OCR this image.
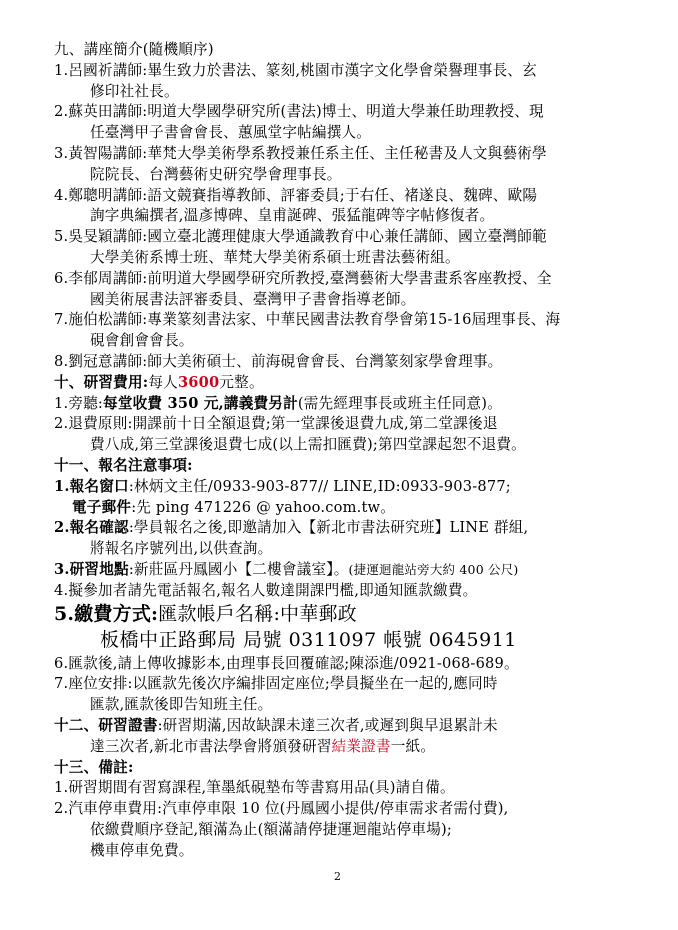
九、講座簡介(隨機順序)
1.呂國祈講師:畢生致力於書法、篆刻,桃園市漢字文化學會榮譽理事長、玄
修印社社長。
2.蘇英田講師:明道大學國學研究所(書法)博士、明道大學兼任助理教授、現
任臺灣甲子書會會長、蕙風堂字帖編撰人。
3.黃智陽講師:華梵大學美術學系教授兼任系主任、主任秘書及人文與藝術學
院院長、台灣藝術史研究學會理事長。
4.鄭聰明講師:語文競賽指導教師、評審委員;于右任、褚遂良、魏碑、歐陽
詢字典編撰者,溫彥博碑、皇甫誕碑、張猛龍碑等字帖修復者。
5.吳旻穎講師:國立臺北護理健康大學通識教育中心兼任講師、國立臺灣師範
大學美術系博士班、華梵大學美術系碩士班書法藝術組。
6.李郁周講師:前明道大學國學研究所教授,臺灣藝術大學書畫系客座教授、全
國美術展書法評審委員、臺灣甲子書會指導老師。
7.施伯松講師:專業篆刻書法家、中華民國書法教育學會第15-16屆理事長、海
硯會創會會長。
8.劉冠意講師:師大美術碩士、前海硯會會長、台灣篆刻家學會理事。
十、研習費用:每人3600元整。
1.旁聽:每堂收費 350 元,講義費另計(需先經理事長或班主任同意)。
2.退費原則:開課前十日全額退費;第一堂課後退費九成,第二堂課後退
費八成,第三堂課後退費七成(以上需扣匯費);第四堂課起恕不退費。
十一、報名注意事項:
1.報名窗口:林炳文主任/0933-903-877// LINE,ID:0933-903-877;
電子郵件:先 ping 471226 @ yahoo.com.tw。
2.報名確認:學員報名之後,即邀請加入【新北市書法研究班】LINE 群組,
將報名序號列出,以供查詢。
3.研習地點:新莊區丹鳳國小【二樓會議室】。(捷運迴龍站旁大約 400 公尺)
4.擬參加者請先電話報名,報名人數達開課門檻,即通知匯款繳費。
5.繳費方式:匯款帳戶名稱:中華郵政
板橋中正路郵局 局號 0311097 帳號 0645911
6.匯款後,請上傳收據影本,由理事長回覆確認;陳添進/0921-068-689。
7.座位安排:以匯款先後次序編排固定座位;學員擬坐在一起的,應同時
匯款,匯款後即告知班主任。
十二、研習證書:研習期滿,因故缺課未達三次者,或遲到與早退累計未
達三次者,新北市書法學會將頒發研習結業證書一紙。
十三、備註:
2
1.研習期間有習寫課程,筆墨紙硯墊布等書寫用品(具)請自備。
2.汽車停車費用:汽車停車限 10 位(丹鳳國小提供/停車需求者需付費),
依繳費順序登記,額滿為止(額滿請停捷運迴龍站停車場);
機車停車免費。
